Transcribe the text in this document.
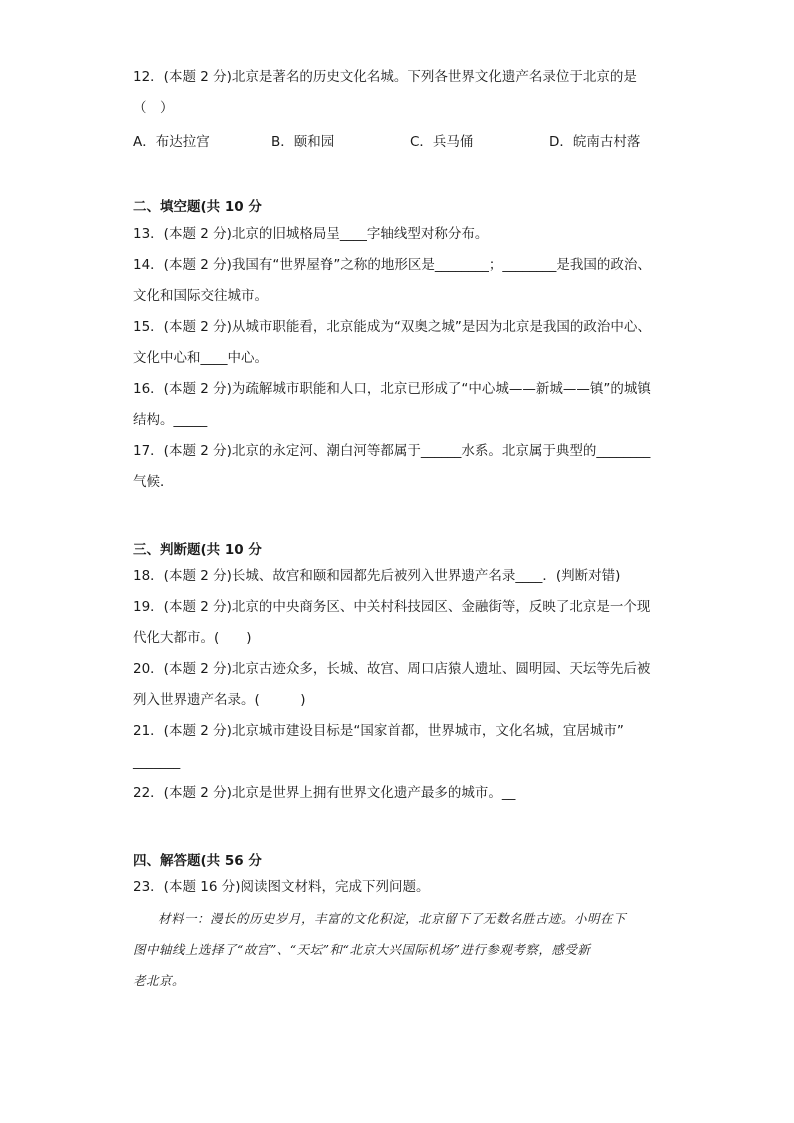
12．(本题 2 分)北京是著名的历史文化名城。下列各世界文化遗产名录位于北京的是
（　）
A．布达拉宫	B．颐和园	C．兵马俑	D．皖南古村落
二、填空题(共 10 分
13．(本题 2 分)北京的旧城格局呈____字轴线型对称分布。
14．(本题 2 分)我国有“世界屋脊”之称的地形区是________；________是我国的政治、
文化和国际交往城市。
15．(本题 2 分)从城市职能看，北京能成为“双奥之城”是因为北京是我国的政治中心、
文化中心和____中心。
16．(本题 2 分)为疏解城市职能和人口，北京已形成了“中心城——新城——镇”的城镇
结构。_____
17．(本题 2 分)北京的永定河、潮白河等都属于______水系。北京属于典型的________
气候．
三、判断题(共 10 分
18．(本题 2 分)长城、故宫和颐和园都先后被列入世界遗产名录____．(判断对错)
19．(本题 2 分)北京的中央商务区、中关村科技园区、金融街等，反映了北京是一个现
代化大都市。(　　)
20．(本题 2 分)北京古迹众多，长城、故宫、周口店猿人遗址、圆明园、天坛等先后被
列入世界遗产名录。(　　　)
21．(本题 2 分)北京城市建设目标是“国家首都，世界城市，文化名城，宜居城市”
_______
22．(本题 2 分)北京是世界上拥有世界文化遗产最多的城市。__
四、解答题(共 56 分
23．(本题 16 分)阅读图文材料，完成下列问题。
材料一：漫长的历史岁月，丰富的文化积淀，北京留下了无数名胜古迹。小明在下
图中轴线上选择了“故宫”、“天坛”和“北京大兴国际机场”进行参观考察，感受新
老北京。
